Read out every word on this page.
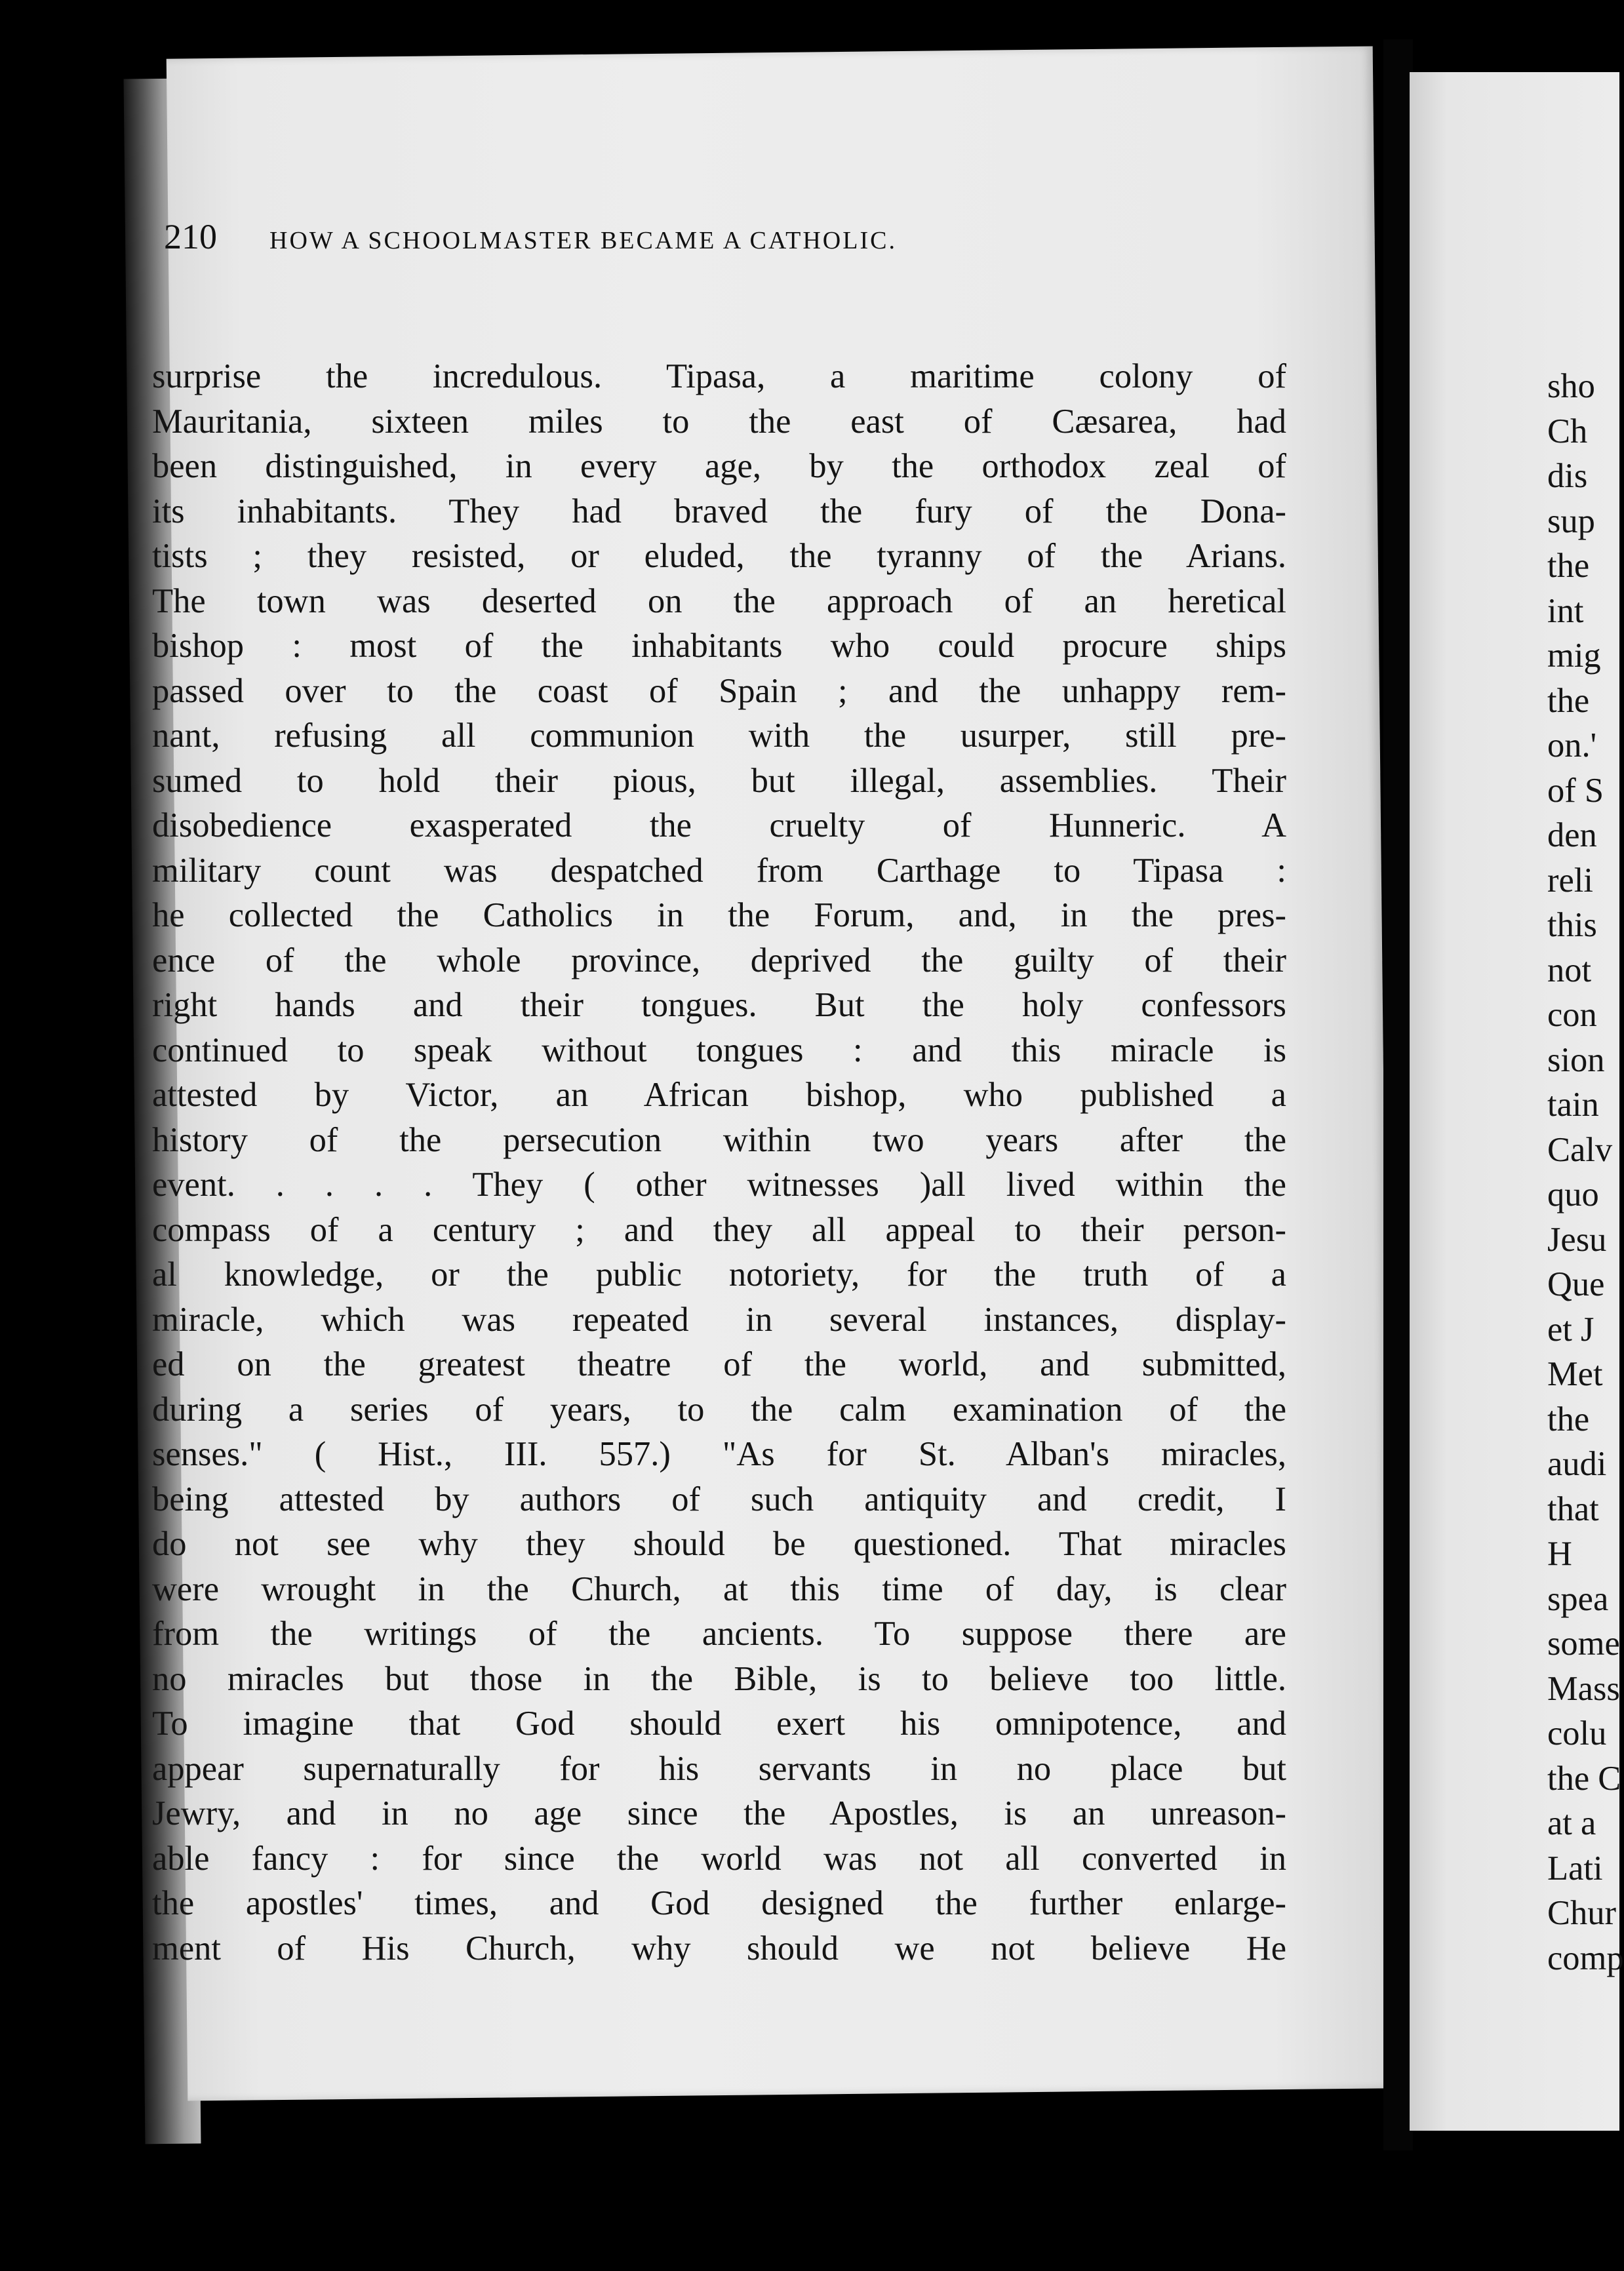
210 HOW A SCHOOLMASTER BECAME A CATHOLIC.
surprise the incredulous. Tipasa, a maritime colony of
Mauritania, sixteen miles to the east of Cæsarea, had
been distinguished, in every age, by the orthodox zeal of
its inhabitants. They had braved the fury of the Dona-
tists ; they resisted, or eluded, the tyranny of the Arians.
The town was deserted on the approach of an heretical
bishop : most of the inhabitants who could procure ships
passed over to the coast of Spain ; and the unhappy rem-
nant, refusing all communion with the usurper, still pre-
sumed to hold their pious, but illegal, assemblies. Their
disobedience exasperated the cruelty of Hunneric. A
military count was despatched from Carthage to Tipasa :
he collected the Catholics in the Forum, and, in the pres-
ence of the whole province, deprived the guilty of their
right hands and their tongues. But the holy confessors
continued to speak without tongues : and this miracle is
attested by Victor, an African bishop, who published a
history of the persecution within two years after the
event. . . . . They ( other witnesses )all lived within the
compass of a century ; and they all appeal to their person-
al knowledge, or the public notoriety, for the truth of a
miracle, which was repeated in several instances, display-
ed on the greatest theatre of the world, and submitted,
during a series of years, to the calm examination of the
senses." ( Hist., III. 557.) "As for St. Alban's miracles,
being attested by authors of such antiquity and credit, I
do not see why they should be questioned. That miracles
were wrought in the Church, at this time of day, is clear
from the writings of the ancients. To suppose there are
no miracles but those in the Bible, is to believe too little.
To imagine that God should exert his omnipotence, and
appear supernaturally for his servants in no place but
Jewry, and in no age since the Apostles, is an unreason-
able fancy : for since the world was not all converted in
the apostles' times, and God designed the further enlarge-
ment of His Church, why should we not believe He
sho
Ch
dis
sup
the
int
mig
the
on.'
of S
den
reli
this
not
con
sion
tain
Calv
quo
Jesu
Que
et J
Met
the
audi
that
H
spea
some
Mass
colu
the C
at a
Lati
Chur
comp
